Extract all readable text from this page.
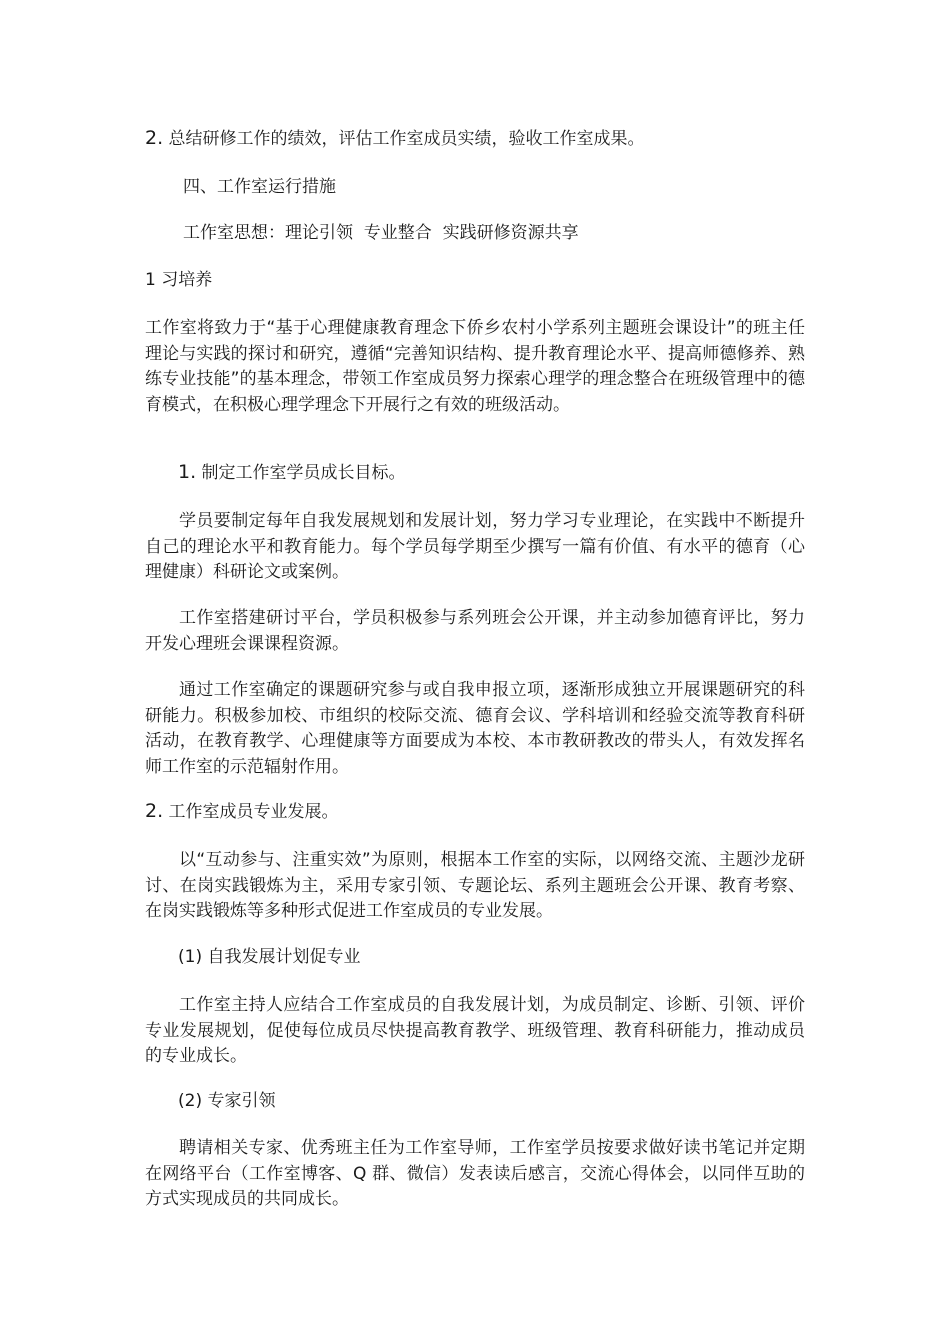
2. 总结研修工作的绩效，评估工作室成员实绩，验收工作室成果。

四、工作室运行措施

工作室思想：理论引领  专业整合  实践研修资源共享

1 习培养

工作室将致力于“基于心理健康教育理念下侨乡农村小学系列主题班会课设计”的班主任理论与实践的探讨和研究，遵循“完善知识结构、提升教育理论水平、提高师德修养、熟练专业技能”的基本理念，带领工作室成员努力探索心理学的理念整合在班级管理中的德育模式，在积极心理学理念下开展行之有效的班级活动。

1. 制定工作室学员成长目标。

学员要制定每年自我发展规划和发展计划，努力学习专业理论，在实践中不断提升自己的理论水平和教育能力。每个学员每学期至少撰写一篇有价值、有水平的德育（心理健康）科研论文或案例。

工作室搭建研讨平台，学员积极参与系列班会公开课，并主动参加德育评比，努力开发心理班会课课程资源。

通过工作室确定的课题研究参与或自我申报立项，逐渐形成独立开展课题研究的科研能力。积极参加校、市组织的校际交流、德育会议、学科培训和经验交流等教育科研活动，在教育教学、心理健康等方面要成为本校、本市教研教改的带头人，有效发挥名师工作室的示范辐射作用。

2. 工作室成员专业发展。

以“互动参与、注重实效”为原则，根据本工作室的实际，以网络交流、主题沙龙研讨、在岗实践锻炼为主，采用专家引领、专题论坛、系列主题班会公开课、教育考察、在岗实践锻炼等多种形式促进工作室成员的专业发展。

(1) 自我发展计划促专业

工作室主持人应结合工作室成员的自我发展计划，为成员制定、诊断、引领、评价专业发展规划，促使每位成员尽快提高教育教学、班级管理、教育科研能力，推动成员的专业成长。

(2) 专家引领

聘请相关专家、优秀班主任为工作室导师，工作室学员按要求做好读书笔记并定期在网络平台（工作室博客、Q 群、微信）发表读后感言，交流心得体会，以同伴互助的方式实现成员的共同成长。
